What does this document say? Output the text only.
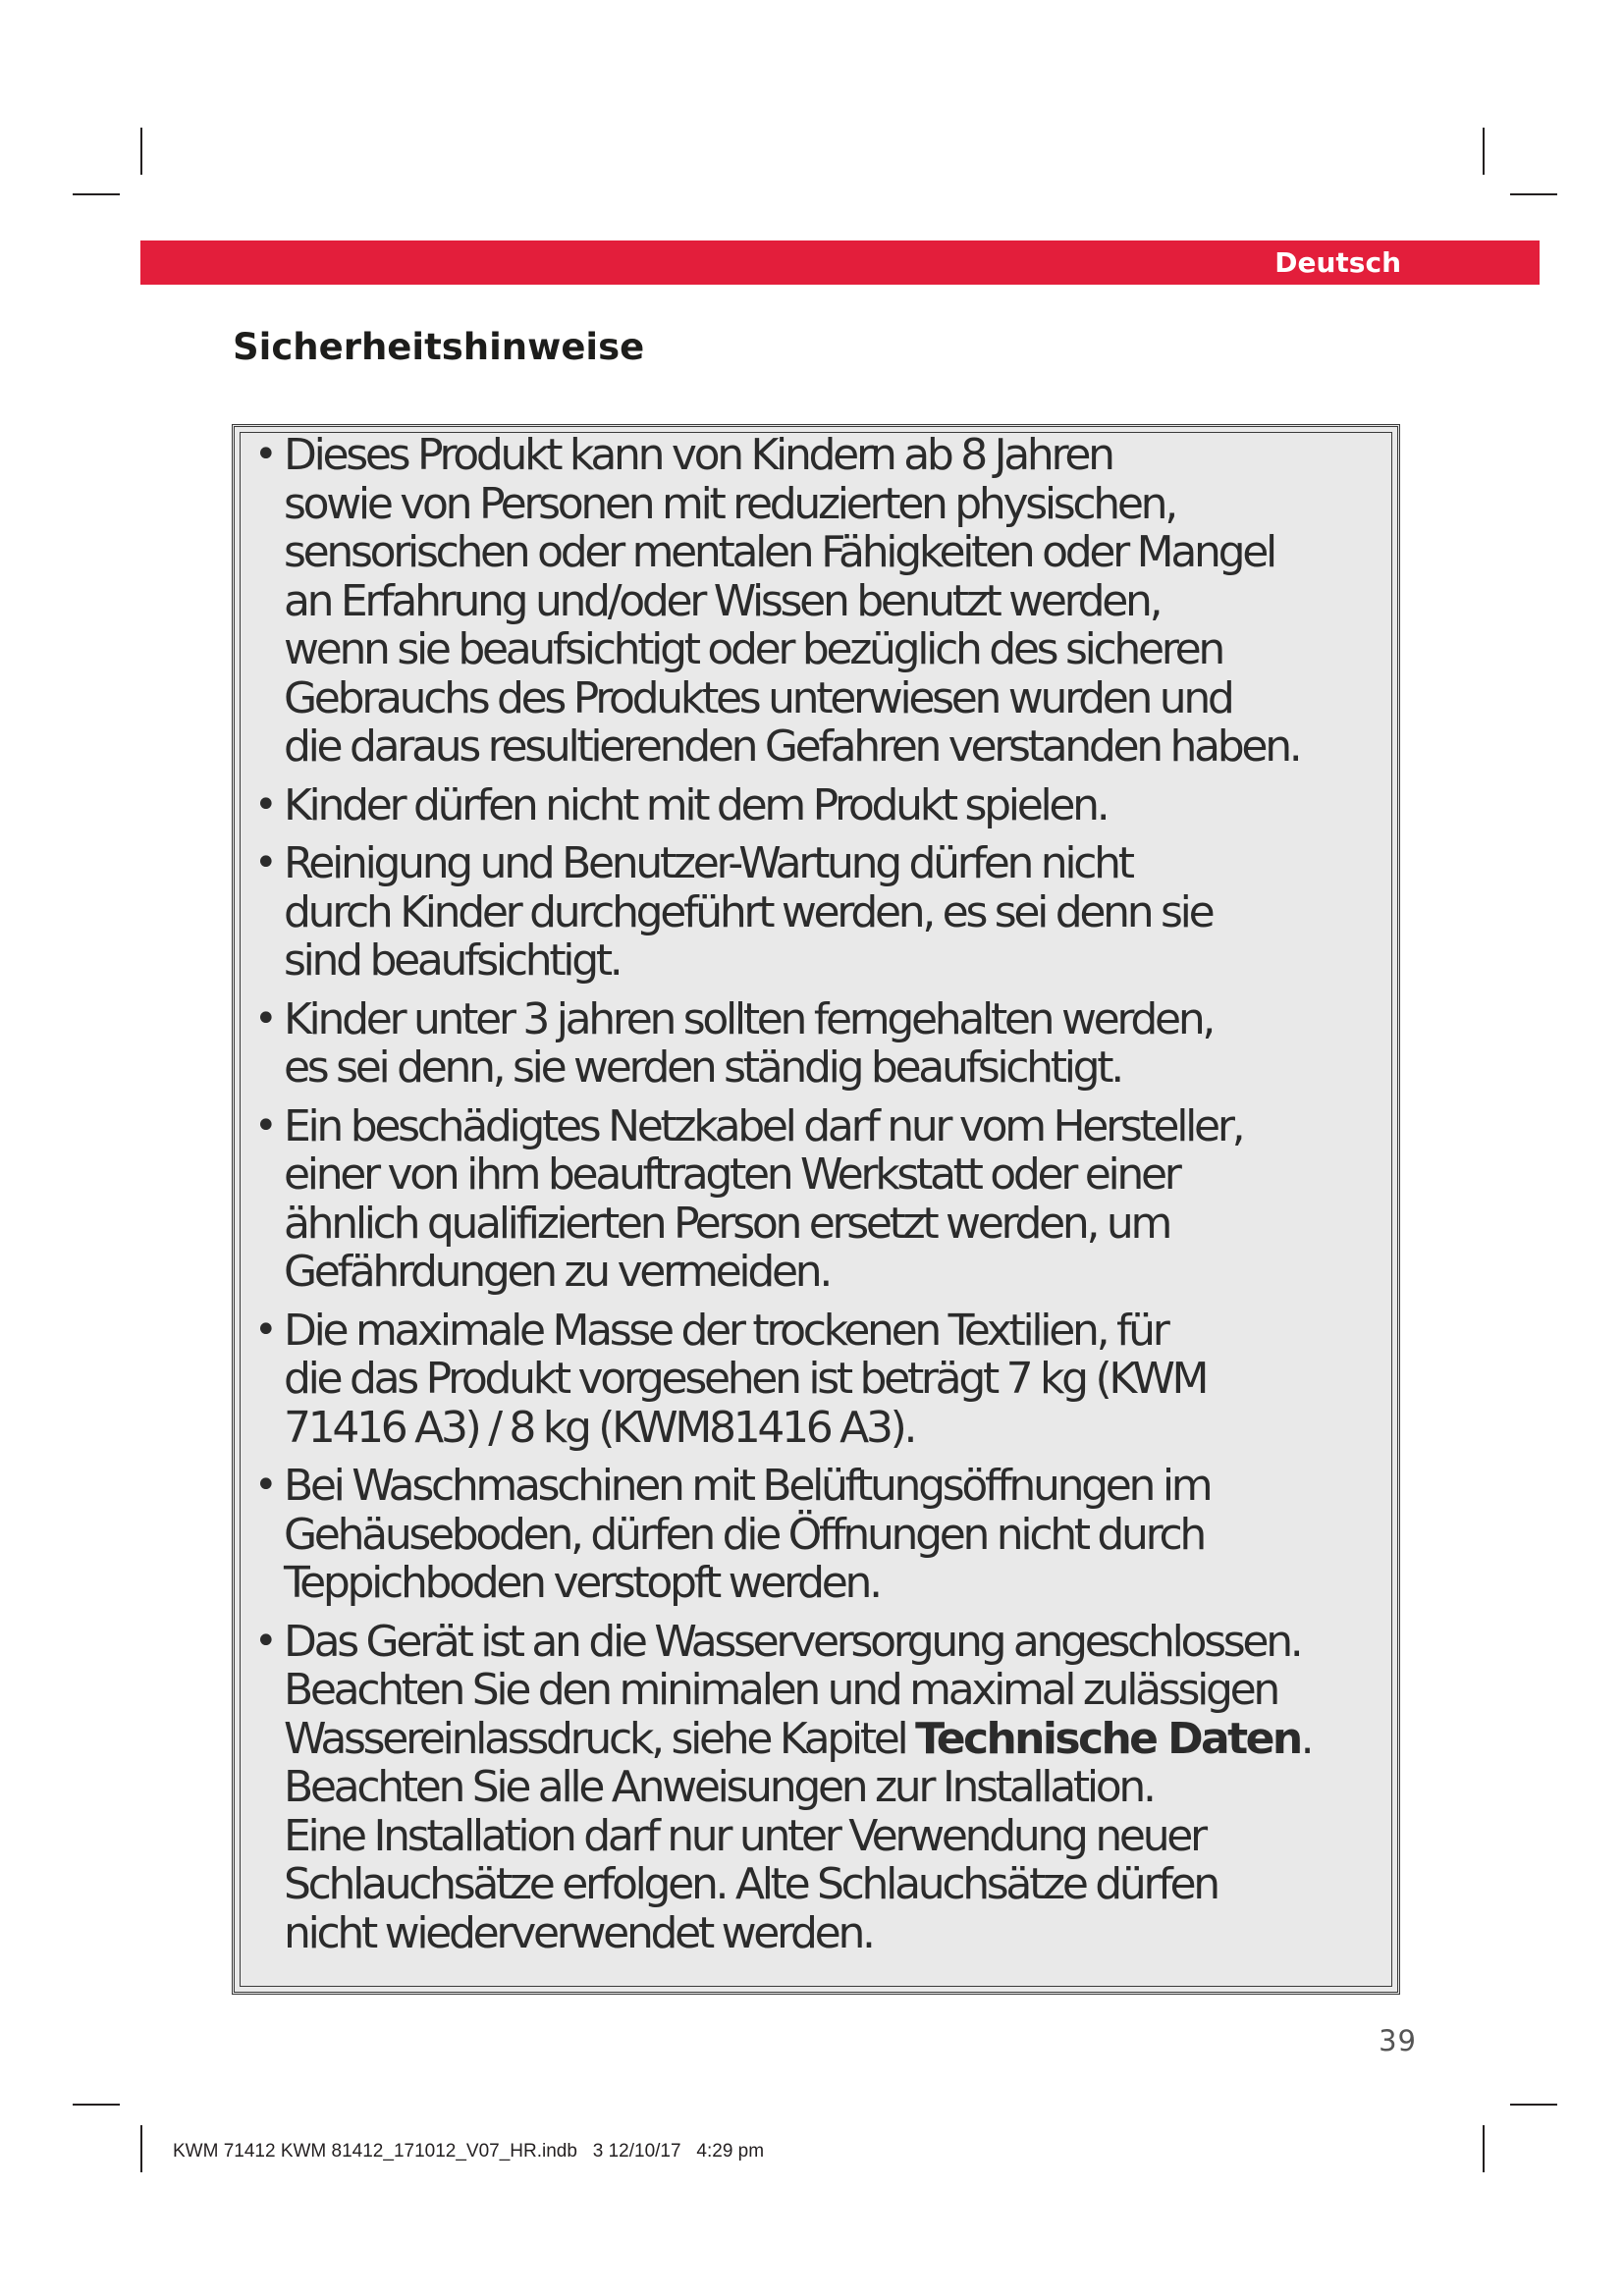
Deutsch
Sicherheitshinweise
• Dieses Produkt kann von Kindern ab 8 Jahren
sowie von Personen mit reduzierten physischen,
sensorischen oder mentalen Fähigkeiten oder Mangel
an Erfahrung und/oder Wissen benutzt werden,
wenn sie beaufsichtigt oder bezüglich des sicheren
Gebrauchs des Produktes unterwiesen wurden und
die daraus resultierenden Gefahren verstanden haben.
• Kinder dürfen nicht mit dem Produkt spielen.
• Reinigung und Benutzer-Wartung dürfen nicht
durch Kinder durchgeführt werden, es sei denn sie
sind beaufsichtigt.
• Kinder unter 3 jahren sollten ferngehalten werden,
es sei denn, sie werden ständig beaufsichtigt.
• Ein beschädigtes Netzkabel darf nur vom Hersteller,
einer von ihm beauftragten Werkstatt oder einer
ähnlich qualifizierten Person ersetzt werden, um
Gefährdungen zu vermeiden.
• Die maximale Masse der trockenen Textilien, für
die das Produkt vorgesehen ist beträgt 7 kg (KWM
71416 A3) / 8 kg (KWM81416 A3).
• Bei Waschmaschinen mit Belüftungsöffnungen im
Gehäuseboden, dürfen die Öffnungen nicht durch
Teppichboden verstopft werden.
• Das Gerät ist an die Wasserversorgung angeschlossen.
Beachten Sie den minimalen und maximal zulässigen
Wassereinlassdruck, siehe Kapitel Technische Daten.
Beachten Sie alle Anweisungen zur Installation.
Eine Installation darf nur unter Verwendung neuer
Schlauchsätze erfolgen. Alte Schlauchsätze dürfen
nicht wiederverwendet werden.
39
KWM 71412 KWM 81412_171012_V07_HR.indb   3 12/10/17   4:29 pm
